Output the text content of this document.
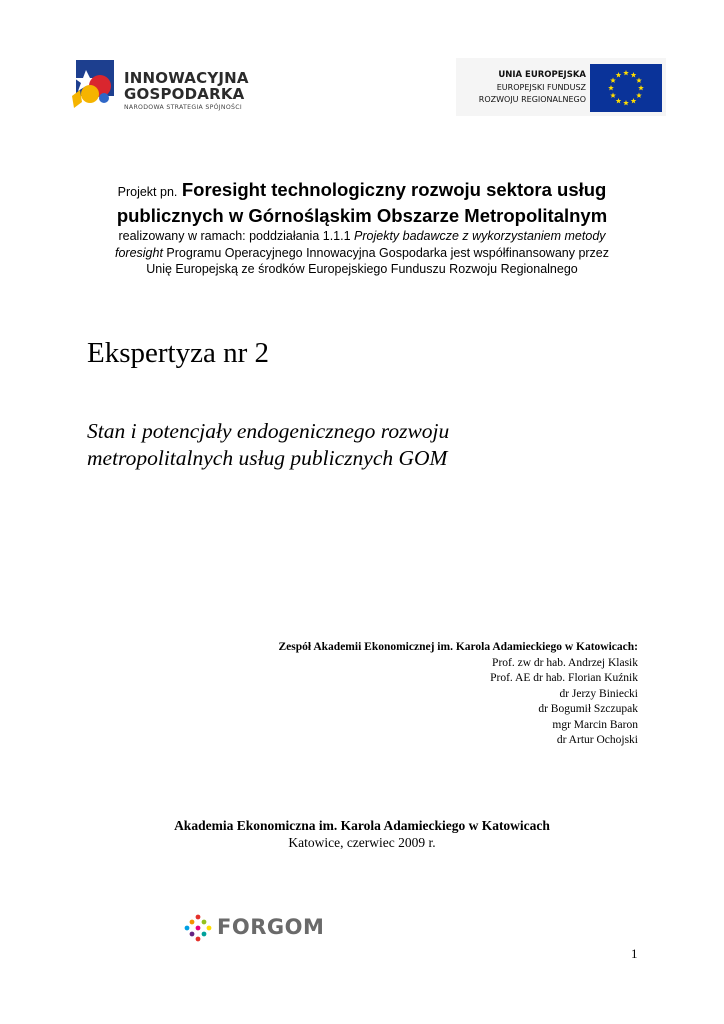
INNOWACYJNA
GOSPODARKA
NARODOWA STRATEGIA SPÓJNOŚCI
UNIA EUROPEJSKA
EUROPEJSKI FUNDUSZ
ROZWOJU REGIONALNEGO
Projekt pn. Foresight technologiczny rozwoju sektora usług
publicznych w Górnośląskim Obszarze Metropolitalnym
realizowany w ramach: poddziałania 1.1.1 Projekty badawcze z wykorzystaniem metody
foresight Programu Operacyjnego Innowacyjna Gospodarka jest współfinansowany przez
Unię Europejską ze środków Europejskiego Funduszu Rozwoju Regionalnego
Ekspertyza nr 2
Stan i potencjały endogenicznego rozwoju
metropolitalnych usług publicznych GOM
Zespół Akademii Ekonomicznej im. Karola Adamieckiego w Katowicach:
Prof. zw dr hab. Andrzej Klasik
Prof. AE dr hab. Florian Kuźnik
dr Jerzy Biniecki
dr Bogumił Szczupak
mgr Marcin Baron
dr Artur Ochojski
Akademia Ekonomiczna im. Karola Adamieckiego w Katowicach
Katowice, czerwiec 2009 r.
FORGOM
1
